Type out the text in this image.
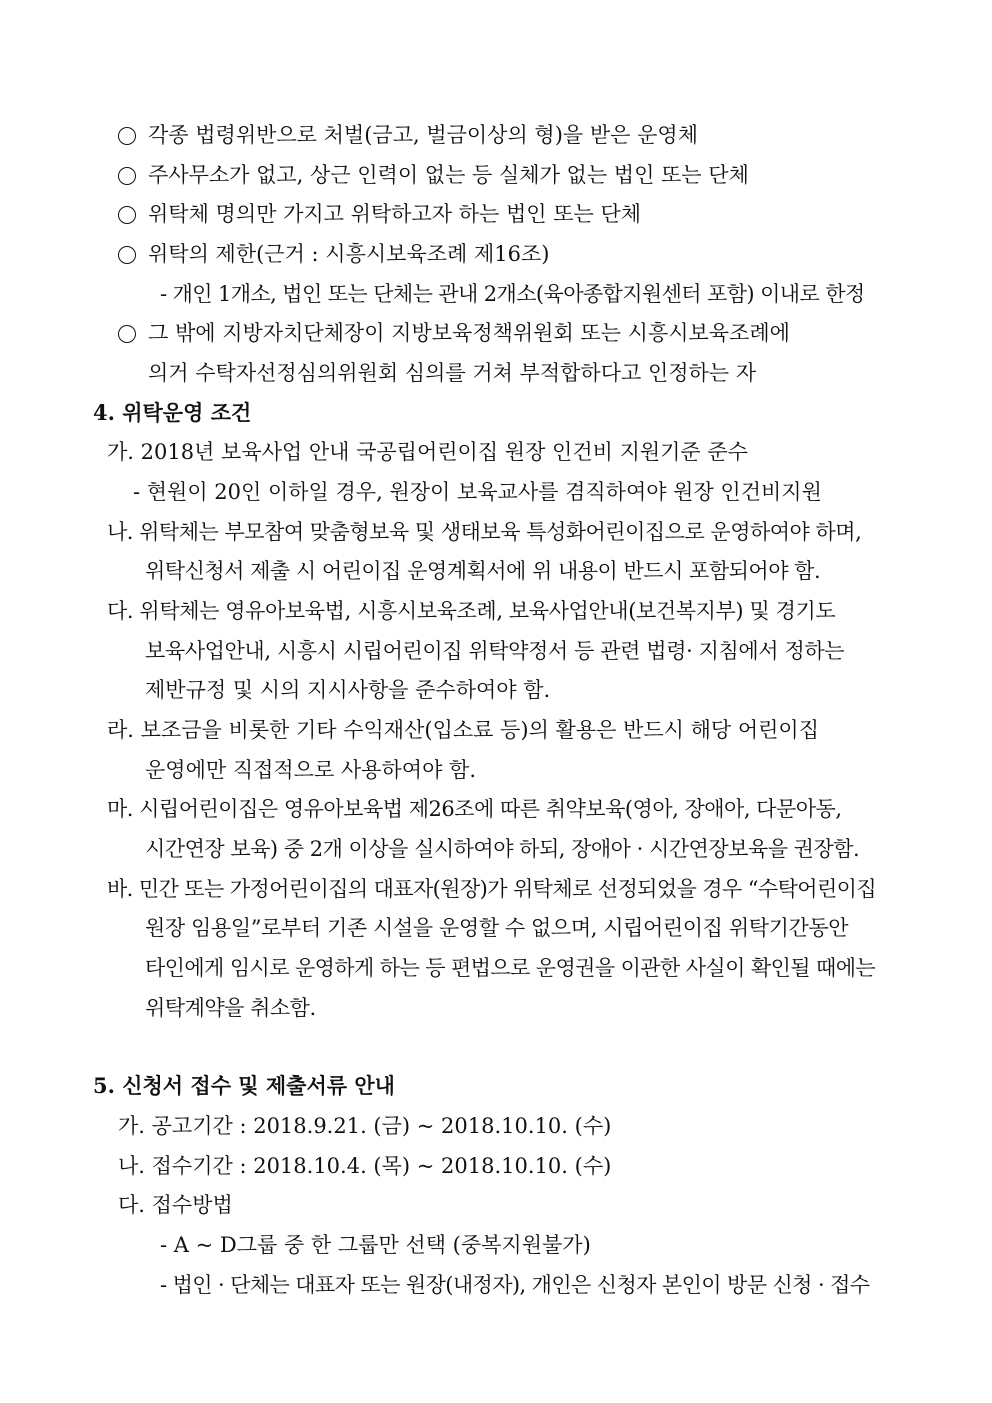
각종 법령위반으로 처벌(금고, 벌금이상의 형)을 받은 운영체
주사무소가 없고, 상근 인력이 없는 등 실체가 없는 법인 또는 단체
위탁체 명의만 가지고 위탁하고자 하는 법인 또는 단체
위탁의 제한(근거 : 시흥시보육조례 제16조)
- 개인 1개소, 법인 또는 단체는 관내 2개소(육아종합지원센터 포함) 이내로 한정
그 밖에 지방자치단체장이 지방보육정책위원회 또는 시흥시보육조례에
의거 수탁자선정심의위원회 심의를 거쳐 부적합하다고 인정하는 자
4. 위탁운영 조건
가. 2018년 보육사업 안내 국공립어린이집 원장 인건비 지원기준 준수
- 현원이 20인 이하일 경우, 원장이 보육교사를 겸직하여야 원장 인건비지원
나. 위탁체는 부모참여 맞춤형보육 및 생태보육 특성화어린이집으로 운영하여야 하며,
위탁신청서 제출 시 어린이집 운영계획서에 위 내용이 반드시 포함되어야 함.
다. 위탁체는 영유아보육법, 시흥시보육조례, 보육사업안내(보건복지부) 및 경기도
보육사업안내, 시흥시 시립어린이집 위탁약정서 등 관련 법령· 지침에서 정하는
제반규정 및 시의 지시사항을 준수하여야 함.
라. 보조금을 비롯한 기타 수익재산(입소료 등)의 활용은 반드시 해당 어린이집
운영에만 직접적으로 사용하여야 함.
마. 시립어린이집은 영유아보육법 제26조에 따른 취약보육(영아, 장애아, 다문아동,
시간연장 보육) 중 2개 이상을 실시하여야 하되, 장애아 · 시간연장보육을 권장함.
바. 민간 또는 가정어린이집의 대표자(원장)가 위탁체로 선정되었을 경우 “수탁어린이집
원장 임용일”로부터 기존 시설을 운영할 수 없으며, 시립어린이집 위탁기간동안
타인에게 임시로 운영하게 하는 등 편법으로 운영권을 이관한 사실이 확인될 때에는
위탁계약을 취소함.
5. 신청서 접수 및 제출서류 안내
가. 공고기간 : 2018.9.21. (금) ~ 2018.10.10. (수)
나. 접수기간 : 2018.10.4. (목) ~ 2018.10.10. (수)
다. 접수방법
- A ~ D그룹 중 한 그룹만 선택 (중복지원불가)
- 법인 · 단체는 대표자 또는 원장(내정자), 개인은 신청자 본인이 방문 신청 · 접수
